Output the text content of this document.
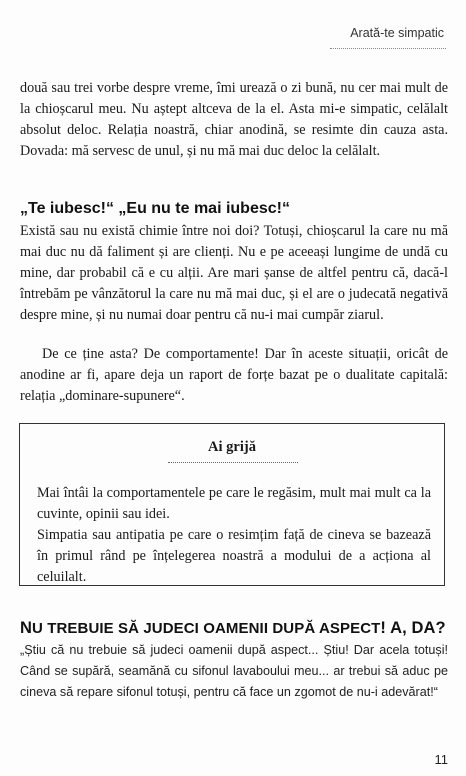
Arată-te simpatic

două sau trei vorbe despre vreme, îmi urează o zi bună, nu cer mai mult de la chioșcarul meu. Nu aștept altceva de la el. Asta mi-e simpatic, celălalt absolut deloc. Relația noastră, chiar anodină, se resimte din cauza asta. Dovada: mă servesc de unul, și nu mă mai duc deloc la celălalt.

„Te iubesc!“ „Eu nu te mai iubesc!“

Există sau nu există chimie între noi doi? Totuși, chioșcarul la care nu mă mai duc nu dă faliment și are clienți. Nu e pe aceeași lungime de undă cu mine, dar probabil că e cu alții. Are mari șanse de altfel pentru că, dacă-l întrebăm pe vânzătorul la care nu mă mai duc, și el are o judecată negativă despre mine, și nu numai doar pentru că nu-i mai cumpăr ziarul.

De ce ține asta? De comportamente! Dar în aceste situații, oricât de anodine ar fi, apare deja un raport de forțe bazat pe o dualitate capitală: relația „dominare-supunere“.

Ai grijă

Mai întâi la comportamentele pe care le regăsim, mult mai mult ca la cuvinte, opinii sau idei.

Simpatia sau antipatia pe care o resimțim față de cineva se bazează în primul rând pe înțelegerea noastră a modului de a acționa al celuilalt.

NU TREBUIE SĂ JUDECI OAMENII DUPĂ ASPECT! A, DA?

„Știu că nu trebuie să judeci oamenii după aspect... Știu! Dar acela totuși! Când se supără, seamănă cu sifonul lavaboului meu... ar trebui să aduc pe cineva să repare sifonul totuși, pentru că face un zgomot de nu-i adevărat!“

11
